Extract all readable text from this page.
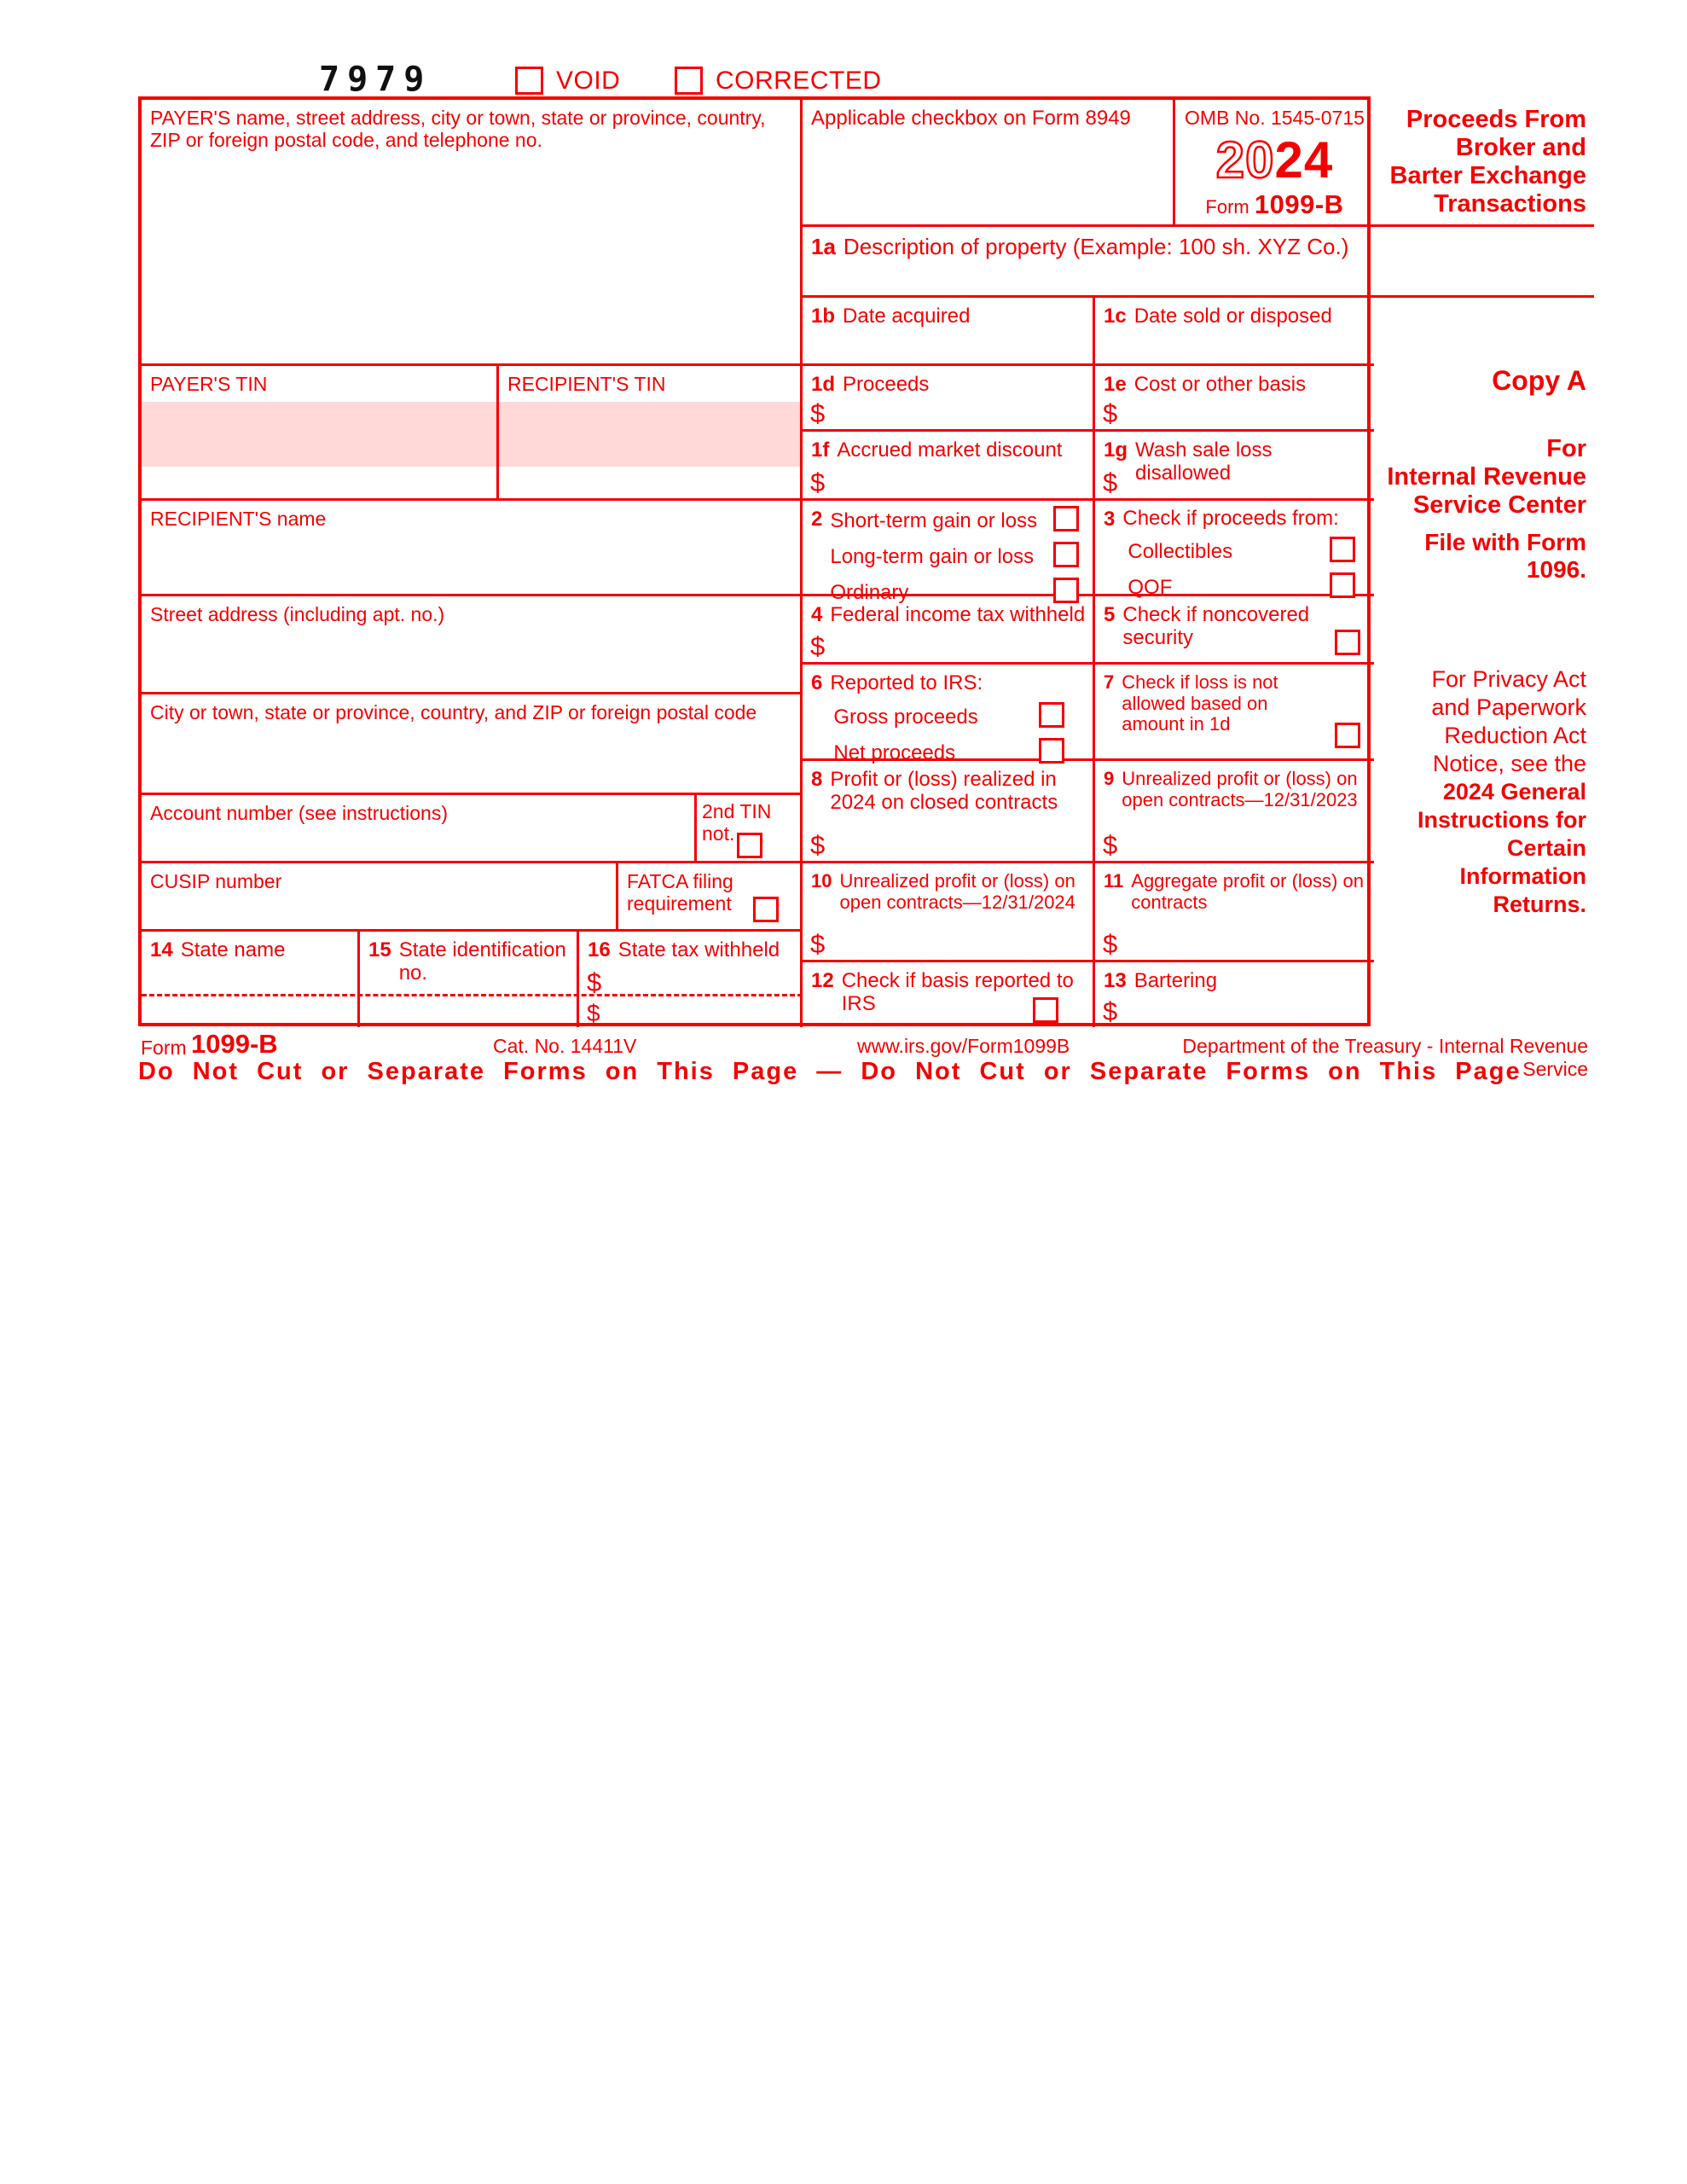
7979	VOID	CORRECTED
PAYER'S name, street address, city or town, state or province, country, ZIP or foreign postal code, and telephone no.
PAYER'S TIN	RECIPIENT'S TIN
RECIPIENT'S name
Street address (including apt. no.)
City or town, state or province, country, and ZIP or foreign postal code
Account number (see instructions)	2nd TIN not.
CUSIP number	FATCA filing requirement
14 State name	15 State identification no.
16 State tax withheld
$
$
Applicable checkbox on Form 8949	OMB No. 1545-0715
2024
Form 1099-B
1a Description of property (Example: 100 sh. XYZ Co.)
1b Date acquired	1c Date sold or disposed
1d Proceeds
$
1e Cost or other basis
$
1f Accrued market discount
$
1g Wash sale loss disallowed
$
2 Short-term gain or loss
Long-term gain or loss
Ordinary
3 Check if proceeds from:
Collectibles
QOF
4 Federal income tax withheld
$
5 Check if noncovered security
6 Reported to IRS:
Gross proceeds
Net proceeds
7 Check if loss is not allowed based on amount in 1d
8 Profit or (loss) realized in 2024 on closed contracts
$
9 Unrealized profit or (loss) on open contracts—12/31/2023
$
10 Unrealized profit or (loss) on open contracts—12/31/2024
$
11 Aggregate profit or (loss) on contracts
$
12 Check if basis reported to IRS
13 Bartering
$
Proceeds From
Broker and
Barter Exchange
Transactions
Copy A
For
Internal Revenue
Service Center
File with Form 1096.
For Privacy Act
and Paperwork
Reduction Act
Notice, see the
2024 General
Instructions for
Certain
Information
Returns.
Form 1099-B	Cat. No. 14411V	www.irs.gov/Form1099B	Department of the Treasury - Internal Revenue Service
Do Not Cut or Separate Forms on This Page — Do Not Cut or Separate Forms on This Page
